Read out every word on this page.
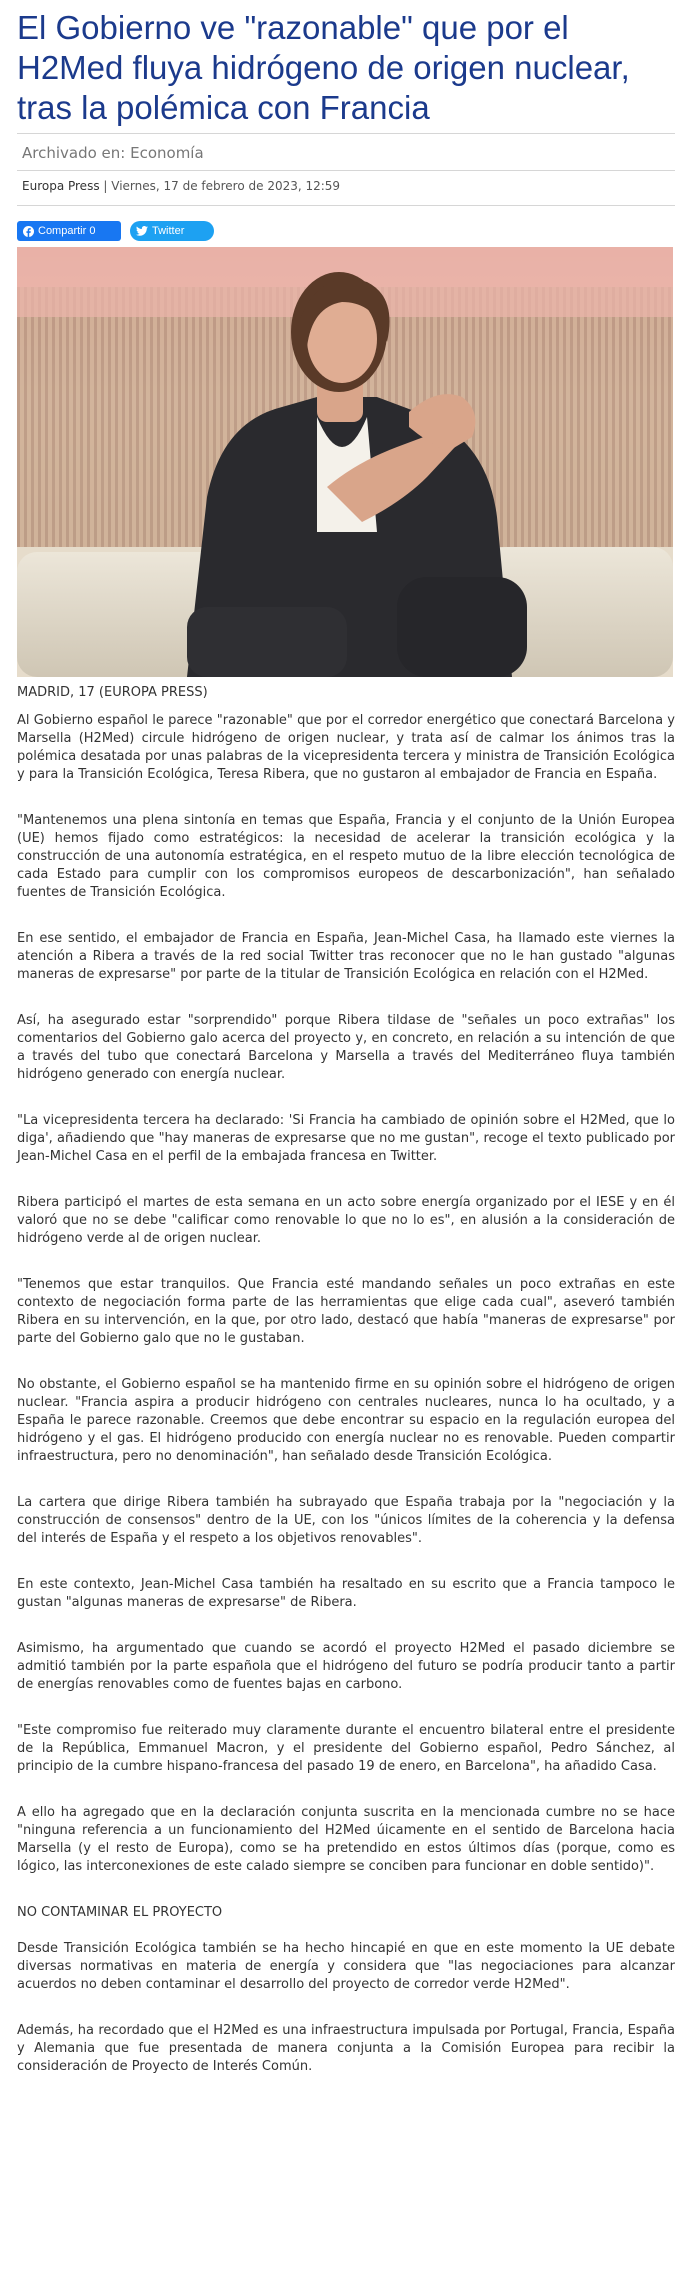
El Gobierno ve "razonable" que por el H2Med fluya hidrógeno de origen nuclear, tras la polémica con Francia
Archivado en: Economía
Europa Press | Viernes, 17 de febrero de 2023, 12:59
Compartir 0	Twitter
MADRID, 17 (EUROPA PRESS)

Al Gobierno español le parece "razonable" que por el corredor energético que conectará Barcelona y Marsella (H2Med) circule hidrógeno de origen nuclear, y trata así de calmar los ánimos tras la polémica desatada por unas palabras de la vicepresidenta tercera y ministra de Transición Ecológica y para la Transición Ecológica, Teresa Ribera, que no gustaron al embajador de Francia en España.

"Mantenemos una plena sintonía en temas que España, Francia y el conjunto de la Unión Europea (UE) hemos fijado como estratégicos: la necesidad de acelerar la transición ecológica y la construcción de una autonomía estratégica, en el respeto mutuo de la libre elección tecnológica de cada Estado para cumplir con los compromisos europeos de descarbonización", han señalado fuentes de Transición Ecológica.

En ese sentido, el embajador de Francia en España, Jean-Michel Casa, ha llamado este viernes la atención a Ribera a través de la red social Twitter tras reconocer que no le han gustado "algunas maneras de expresarse" por parte de la titular de Transición Ecológica en relación con el H2Med.

Así, ha asegurado estar "sorprendido" porque Ribera tildase de "señales un poco extrañas" los comentarios del Gobierno galo acerca del proyecto y, en concreto, en relación a su intención de que a través del tubo que conectará Barcelona y Marsella a través del Mediterráneo fluya también hidrógeno generado con energía nuclear.

"La vicepresidenta tercera ha declarado: 'Si Francia ha cambiado de opinión sobre el H2Med, que lo diga', añadiendo que "hay maneras de expresarse que no me gustan", recoge el texto publicado por Jean-Michel Casa en el perfil de la embajada francesa en Twitter.

Ribera participó el martes de esta semana en un acto sobre energía organizado por el IESE y en él valoró que no se debe "calificar como renovable lo que no lo es", en alusión a la consideración de hidrógeno verde al de origen nuclear.

"Tenemos que estar tranquilos. Que Francia esté mandando señales un poco extrañas en este contexto de negociación forma parte de las herramientas que elige cada cual", aseveró también Ribera en su intervención, en la que, por otro lado, destacó que había "maneras de expresarse" por parte del Gobierno galo que no le gustaban.

No obstante, el Gobierno español se ha mantenido firme en su opinión sobre el hidrógeno de origen nuclear. "Francia aspira a producir hidrógeno con centrales nucleares, nunca lo ha ocultado, y a España le parece razonable. Creemos que debe encontrar su espacio en la regulación europea del hidrógeno y el gas. El hidrógeno producido con energía nuclear no es renovable. Pueden compartir infraestructura, pero no denominación", han señalado desde Transición Ecológica.

La cartera que dirige Ribera también ha subrayado que España trabaja por la "negociación y la construcción de consensos" dentro de la UE, con los "únicos límites de la coherencia y la defensa del interés de España y el respeto a los objetivos renovables".

En este contexto, Jean-Michel Casa también ha resaltado en su escrito que a Francia tampoco le gustan "algunas maneras de expresarse" de Ribera.

Asimismo, ha argumentado que cuando se acordó el proyecto H2Med el pasado diciembre se admitió también por la parte española que el hidrógeno del futuro se podría producir tanto a partir de energías renovables como de fuentes bajas en carbono.

"Este compromiso fue reiterado muy claramente durante el encuentro bilateral entre el presidente de la República, Emmanuel Macron, y el presidente del Gobierno español, Pedro Sánchez, al principio de la cumbre hispano-francesa del pasado 19 de enero, en Barcelona", ha añadido Casa.

A ello ha agregado que en la declaración conjunta suscrita en la mencionada cumbre no se hace "ninguna referencia a un funcionamiento del H2Med úicamente en el sentido de Barcelona hacia Marsella (y el resto de Europa), como se ha pretendido en estos últimos días (porque, como es lógico, las interconexiones de este calado siempre se conciben para funcionar en doble sentido)".

NO CONTAMINAR EL PROYECTO

Desde Transición Ecológica también se ha hecho hincapié en que en este momento la UE debate diversas normativas en materia de energía y considera que "las negociaciones para alcanzar acuerdos no deben contaminar el desarrollo del proyecto de corredor verde H2Med".

Además, ha recordado que el H2Med es una infraestructura impulsada por Portugal, Francia, España y Alemania que fue presentada de manera conjunta a la Comisión Europea para recibir la consideración de Proyecto de Interés Común.
